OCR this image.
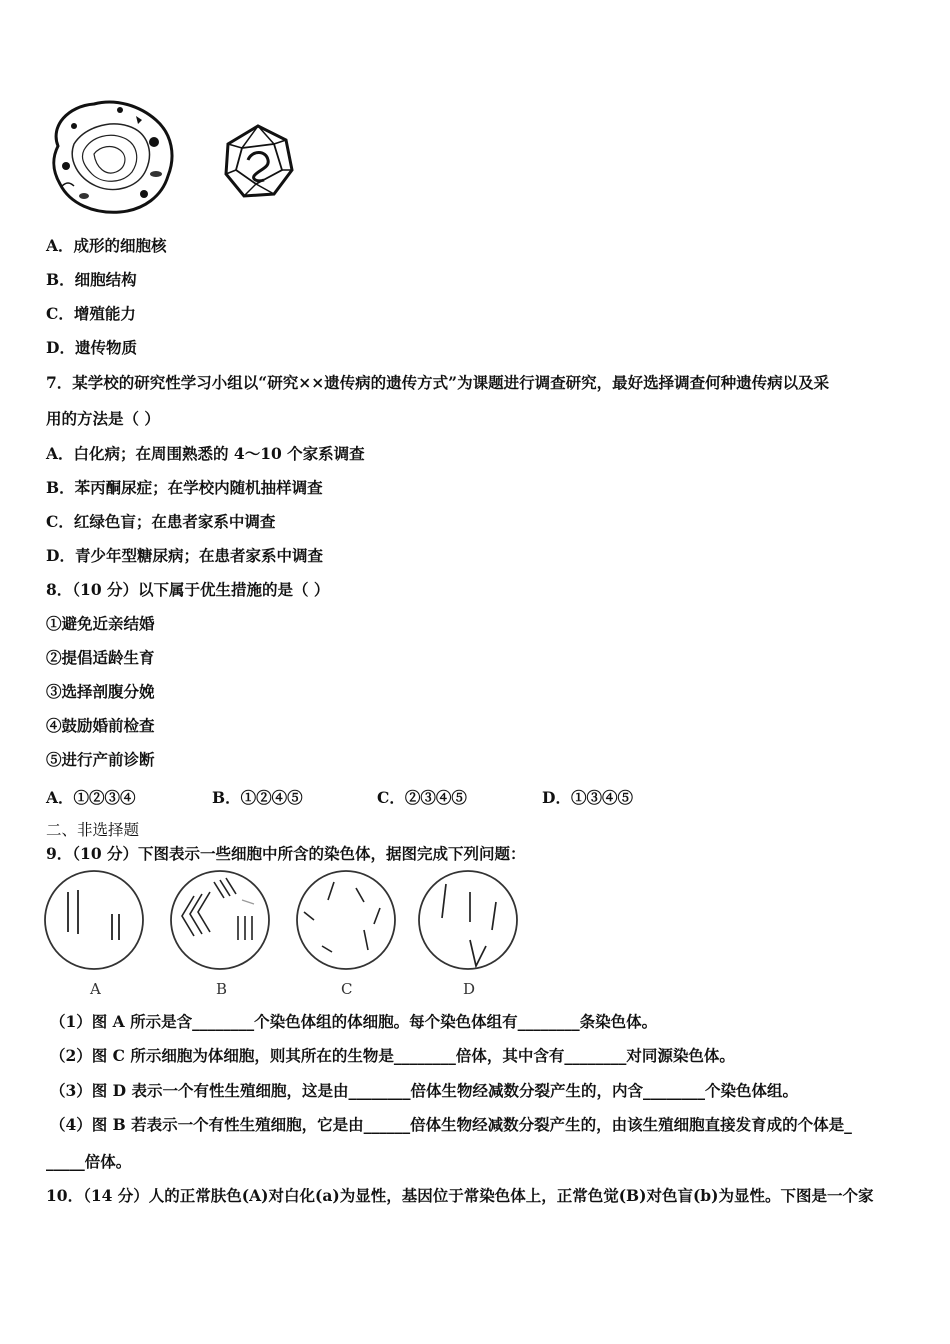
A．成形的细胞核
B．细胞结构
C．增殖能力
D．遗传物质
7．某学校的研究性学习小组以“研究××遗传病的遗传方式”为课题进行调查研究，最好选择调查何种遗传病以及采
用的方法是（ ）
A．白化病；在周围熟悉的 4～10 个家系调查
B．苯丙酮尿症；在学校内随机抽样调查
C．红绿色盲；在患者家系中调查
D．青少年型糖尿病；在患者家系中调查
8．（10 分）以下属于优生措施的是（ ）
①避免近亲结婚
②提倡适龄生育
③选择剖腹分娩
④鼓励婚前检查
⑤进行产前诊断
A．①②③④	B．①②④⑤	C．②③④⑤	D．①③④⑤
二、非选择题
9．（10 分）下图表示一些细胞中所含的染色体，据图完成下列问题：
A	B	C	D
（1）图 A 所示是含________个染色体组的体细胞。每个染色体组有________条染色体。
（2）图 C 所示细胞为体细胞，则其所在的生物是________倍体，其中含有________对同源染色体。
（3）图 D 表示一个有性生殖细胞，这是由________倍体生物经减数分裂产生的，内含________个染色体组。
（4）图 B 若表示一个有性生殖细胞，它是由______倍体生物经减数分裂产生的，由该生殖细胞直接发育成的个体是_
_____倍体。
10．（14 分）人的正常肤色(A)对白化(a)为显性，基因位于常染色体上，正常色觉(B)对色盲(b)为显性。下图是一个家
